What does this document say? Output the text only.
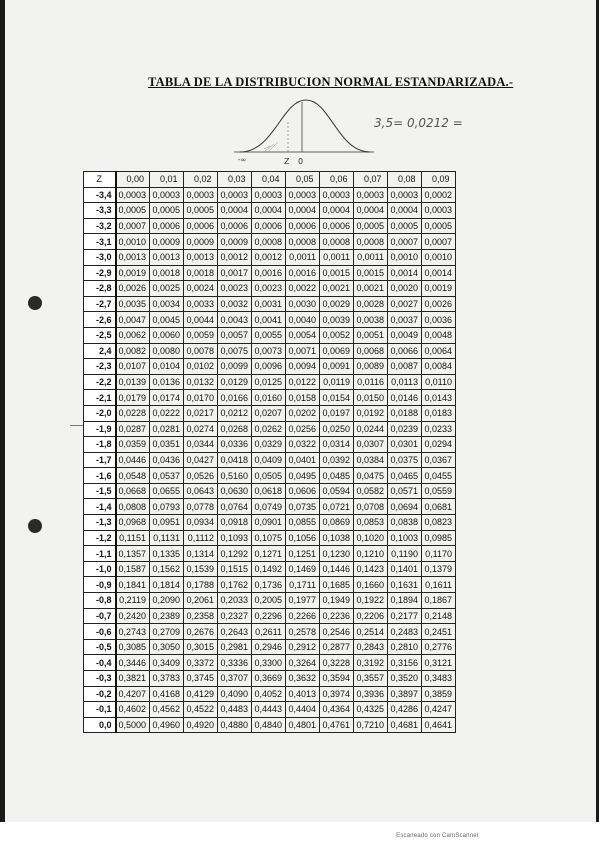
TABLA DE LA DISTRIBUCION NORMAL ESTANDARIZADA.-
-∞	Z 0
3,5= 0,0212 =
Z	0,00	0,01	0,02	0,03	0,04	0,05	0,06	0,07	0,08	0,09
-3,4	0,0003	0,0003	0,0003	0,0003	0,0003	0,0003	0,0003	0,0003	0,0003	0,0002
-3,3	0,0005	0,0005	0,0005	0,0004	0,0004	0,0004	0,0004	0,0004	0,0004	0,0003
-3,2	0,0007	0,0006	0,0006	0,0006	0,0006	0,0006	0,0006	0,0005	0,0005	0,0005
-3,1	0,0010	0,0009	0,0009	0,0009	0,0008	0,0008	0,0008	0,0008	0,0007	0,0007
-3,0	0,0013	0,0013	0,0013	0,0012	0,0012	0,0011	0,0011	0,0011	0,0010	0,0010
-2,9	0,0019	0,0018	0,0018	0,0017	0,0016	0,0016	0,0015	0,0015	0,0014	0,0014
-2,8	0,0026	0,0025	0,0024	0,0023	0,0023	0,0022	0,0021	0,0021	0,0020	0,0019
-2,7	0,0035	0,0034	0,0033	0,0032	0,0031	0,0030	0,0029	0,0028	0,0027	0,0026
-2,6	0,0047	0,0045	0,0044	0,0043	0,0041	0,0040	0,0039	0,0038	0,0037	0,0036
-2,5	0,0062	0,0060	0,0059	0,0057	0,0055	0,0054	0,0052	0,0051	0,0049	0,0048
2,4	0,0082	0,0080	0,0078	0,0075	0,0073	0,0071	0,0069	0,0068	0,0066	0,0064
-2,3	0,0107	0,0104	0,0102	0,0099	0,0096	0,0094	0,0091	0,0089	0,0087	0,0084
-2,2	0,0139	0,0136	0,0132	0,0129	0,0125	0,0122	0,0119	0,0116	0,0113	0,0110
-2,1	0,0179	0,0174	0,0170	0,0166	0,0160	0,0158	0,0154	0,0150	0,0146	0,0143
-2,0	0,0228	0,0222	0,0217	0,0212	0,0207	0,0202	0,0197	0,0192	0,0188	0,0183
-1,9	0,0287	0,0281	0,0274	0,0268	0,0262	0,0256	0,0250	0,0244	0,0239	0,0233
-1,8	0,0359	0,0351	0,0344	0,0336	0,0329	0,0322	0,0314	0,0307	0,0301	0,0294
-1,7	0,0446	0,0436	0,0427	0,0418	0,0409	0,0401	0,0392	0,0384	0,0375	0,0367
-1,6	0,0548	0,0537	0,0526	0,5160	0,0505	0,0495	0,0485	0,0475	0,0465	0,0455
-1,5	0,0668	0,0655	0,0643	0,0630	0,0618	0,0606	0,0594	0,0582	0,0571	0,0559
-1,4	0,0808	0,0793	0,0778	0,0764	0,0749	0,0735	0,0721	0,0708	0,0694	0,0681
-1,3	0,0968	0,0951	0,0934	0,0918	0,0901	0,0855	0,0869	0,0853	0,0838	0,0823
-1,2	0,1151	0,1131	0,1112	0,1093	0,1075	0,1056	0,1038	0,1020	0,1003	0,0985
-1,1	0,1357	0,1335	0,1314	0,1292	0,1271	0,1251	0,1230	0,1210	0,1190	0,1170
-1,0	0,1587	0,1562	0,1539	0,1515	0,1492	0,1469	0,1446	0,1423	0,1401	0,1379
-0,9	0,1841	0,1814	0,1788	0,1762	0,1736	0,1711	0,1685	0,1660	0,1631	0,1611
-0,8	0,2119	0,2090	0,2061	0,2033	0,2005	0,1977	0,1949	0,1922	0,1894	0,1867
-0,7	0,2420	0,2389	0,2358	0,2327	0,2296	0,2266	0,2236	0,2206	0,2177	0,2148
-0,6	0,2743	0,2709	0,2676	0,2643	0,2611	0,2578	0,2546	0,2514	0,2483	0,2451
-0,5	0,3085	0,3050	0,3015	0,2981	0,2946	0,2912	0,2877	0,2843	0,2810	0,2776
-0,4	0,3446	0,3409	0,3372	0,3336	0,3300	0,3264	0,3228	0,3192	0,3156	0,3121
-0,3	0,3821	0,3783	0,3745	0,3707	0,3669	0,3632	0,3594	0,3557	0,3520	0,3483
-0,2	0,4207	0,4168	0,4129	0,4090	0,4052	0,4013	0,3974	0,3936	0,3897	0,3859
-0,1	0,4602	0,4562	0,4522	0,4483	0,4443	0,4404	0,4364	0,4325	0,4286	0,4247
0,0	0,5000	0,4960	0,4920	0,4880	0,4840	0,4801	0,4761	0,7210	0,4681	0,4641
Escaneado con CamScanner
